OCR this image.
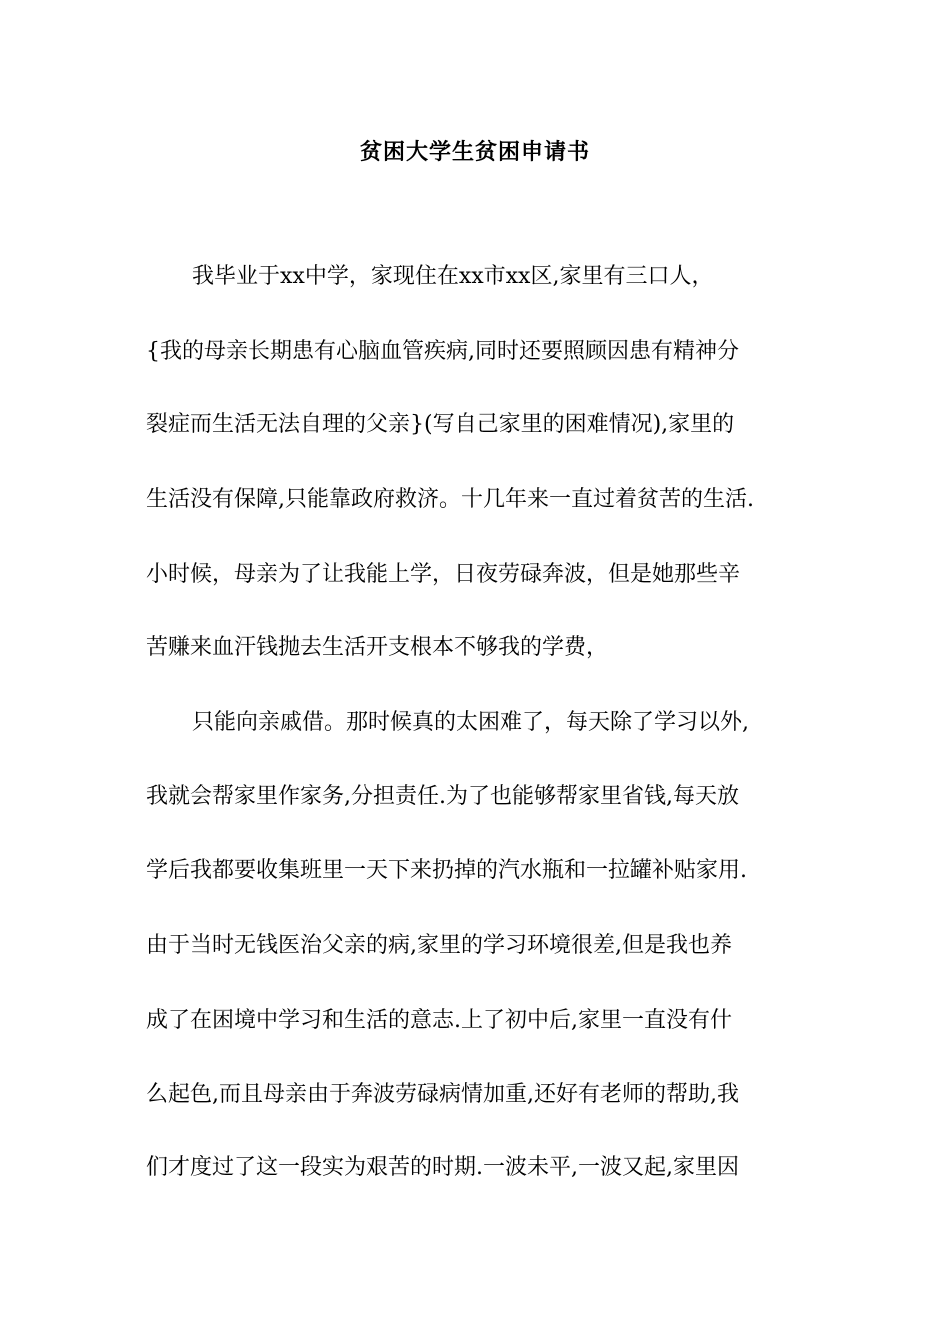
贫困大学生贫困申请书
我毕业于xx中学，家现住在xx市xx区,家里有三口人，
{我的母亲长期患有心脑血管疾病,同时还要照顾因患有精神分
裂症而生活无法自理的父亲}(写自己家里的困难情况),家里的
生活没有保障,只能靠政府救济。十几年来一直过着贫苦的生活.
小时候，母亲为了让我能上学，日夜劳碌奔波，但是她那些辛
苦赚来血汗钱抛去生活开支根本不够我的学费，
只能向亲戚借。那时候真的太困难了，每天除了学习以外,
我就会帮家里作家务,分担责任.为了也能够帮家里省钱,每天放
学后我都要收集班里一天下来扔掉的汽水瓶和一拉罐补贴家用.
由于当时无钱医治父亲的病,家里的学习环境很差,但是我也养
成了在困境中学习和生活的意志.上了初中后,家里一直没有什
么起色,而且母亲由于奔波劳碌病情加重,还好有老师的帮助,我
们才度过了这一段实为艰苦的时期.一波未平,一波又起,家里因
